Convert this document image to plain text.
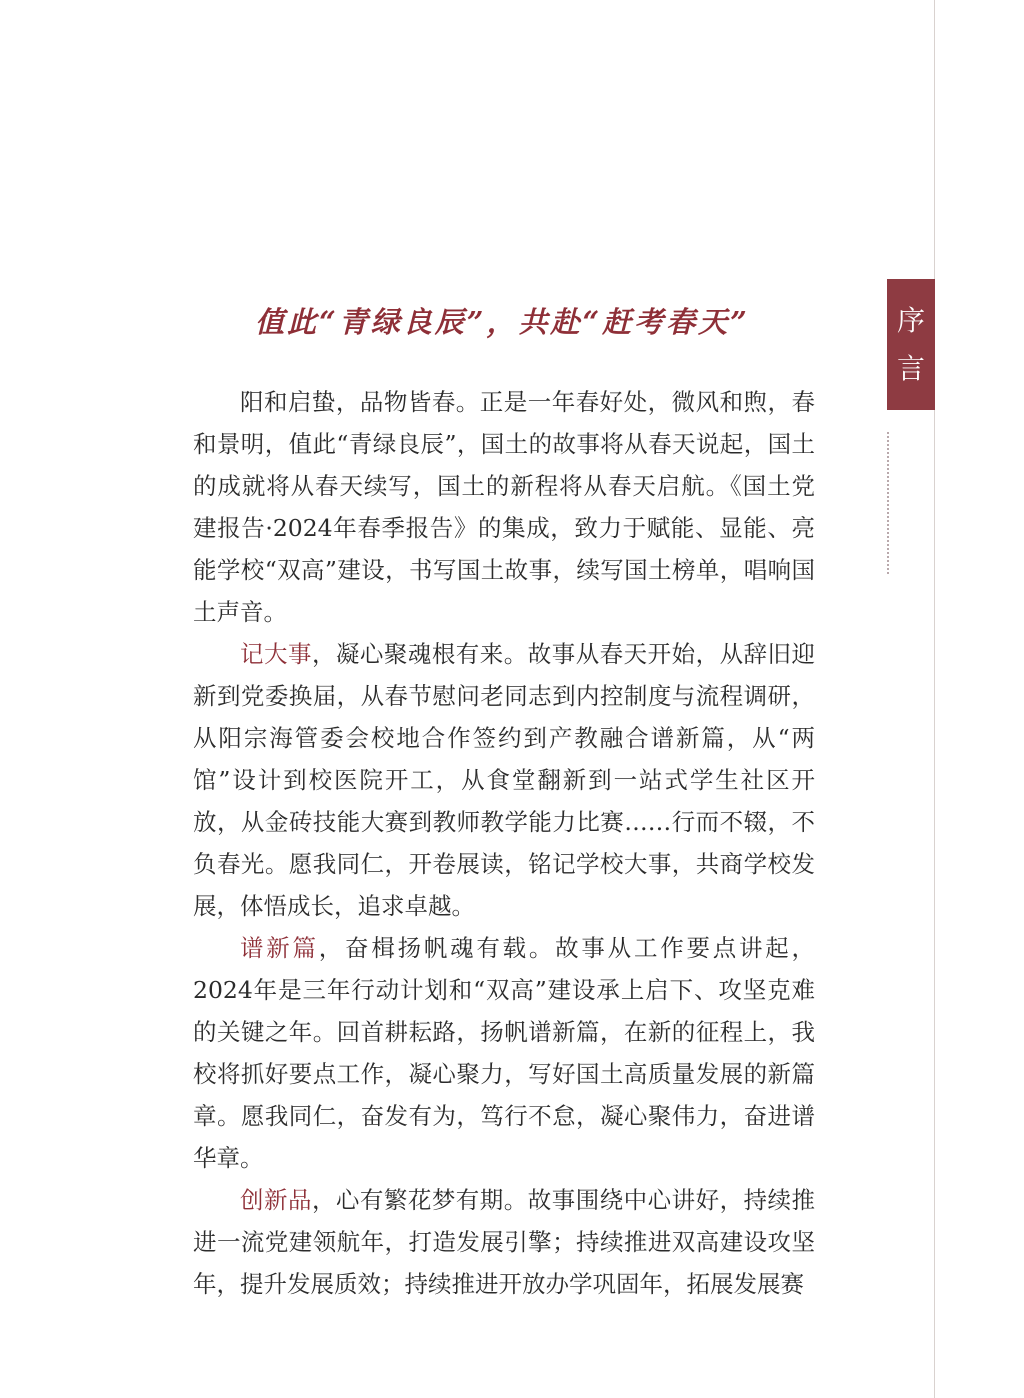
序
言
值此“青绿良辰”，共赴“赶考春天”

阳和启蛰，品物皆春。正是一年春好处，微风和煦，春和景明，值此“青绿良辰”，国土的故事将从春天说起，国土的成就将从春天续写，国土的新程将从春天启航。《国土党建报告·2024年春季报告》的集成，致力于赋能、显能、亮能学校“双高”建设，书写国土故事，续写国土榜单，唱响国土声音。

记大事，凝心聚魂根有来。故事从春天开始，从辞旧迎新到党委换届，从春节慰问老同志到内控制度与流程调研，从阳宗海管委会校地合作签约到产教融合谱新篇，从“两馆”设计到校医院开工，从食堂翻新到一站式学生社区开放，从金砖技能大赛到教师教学能力比赛……行而不辍，不负春光。愿我同仁，开卷展读，铭记学校大事，共商学校发展，体悟成长，追求卓越。

谱新篇，奋楫扬帆魂有载。故事从工作要点讲起，2024年是三年行动计划和“双高”建设承上启下、攻坚克难的关键之年。回首耕耘路，扬帆谱新篇，在新的征程上，我校将抓好要点工作，凝心聚力，写好国土高质量发展的新篇章。愿我同仁，奋发有为，笃行不怠，凝心聚伟力，奋进谱华章。

创新品，心有繁花梦有期。故事围绕中心讲好，持续推进一流党建领航年，打造发展引擎；持续推进双高建设攻坚年，提升发展质效；持续推进开放办学巩固年，拓展发展赛
